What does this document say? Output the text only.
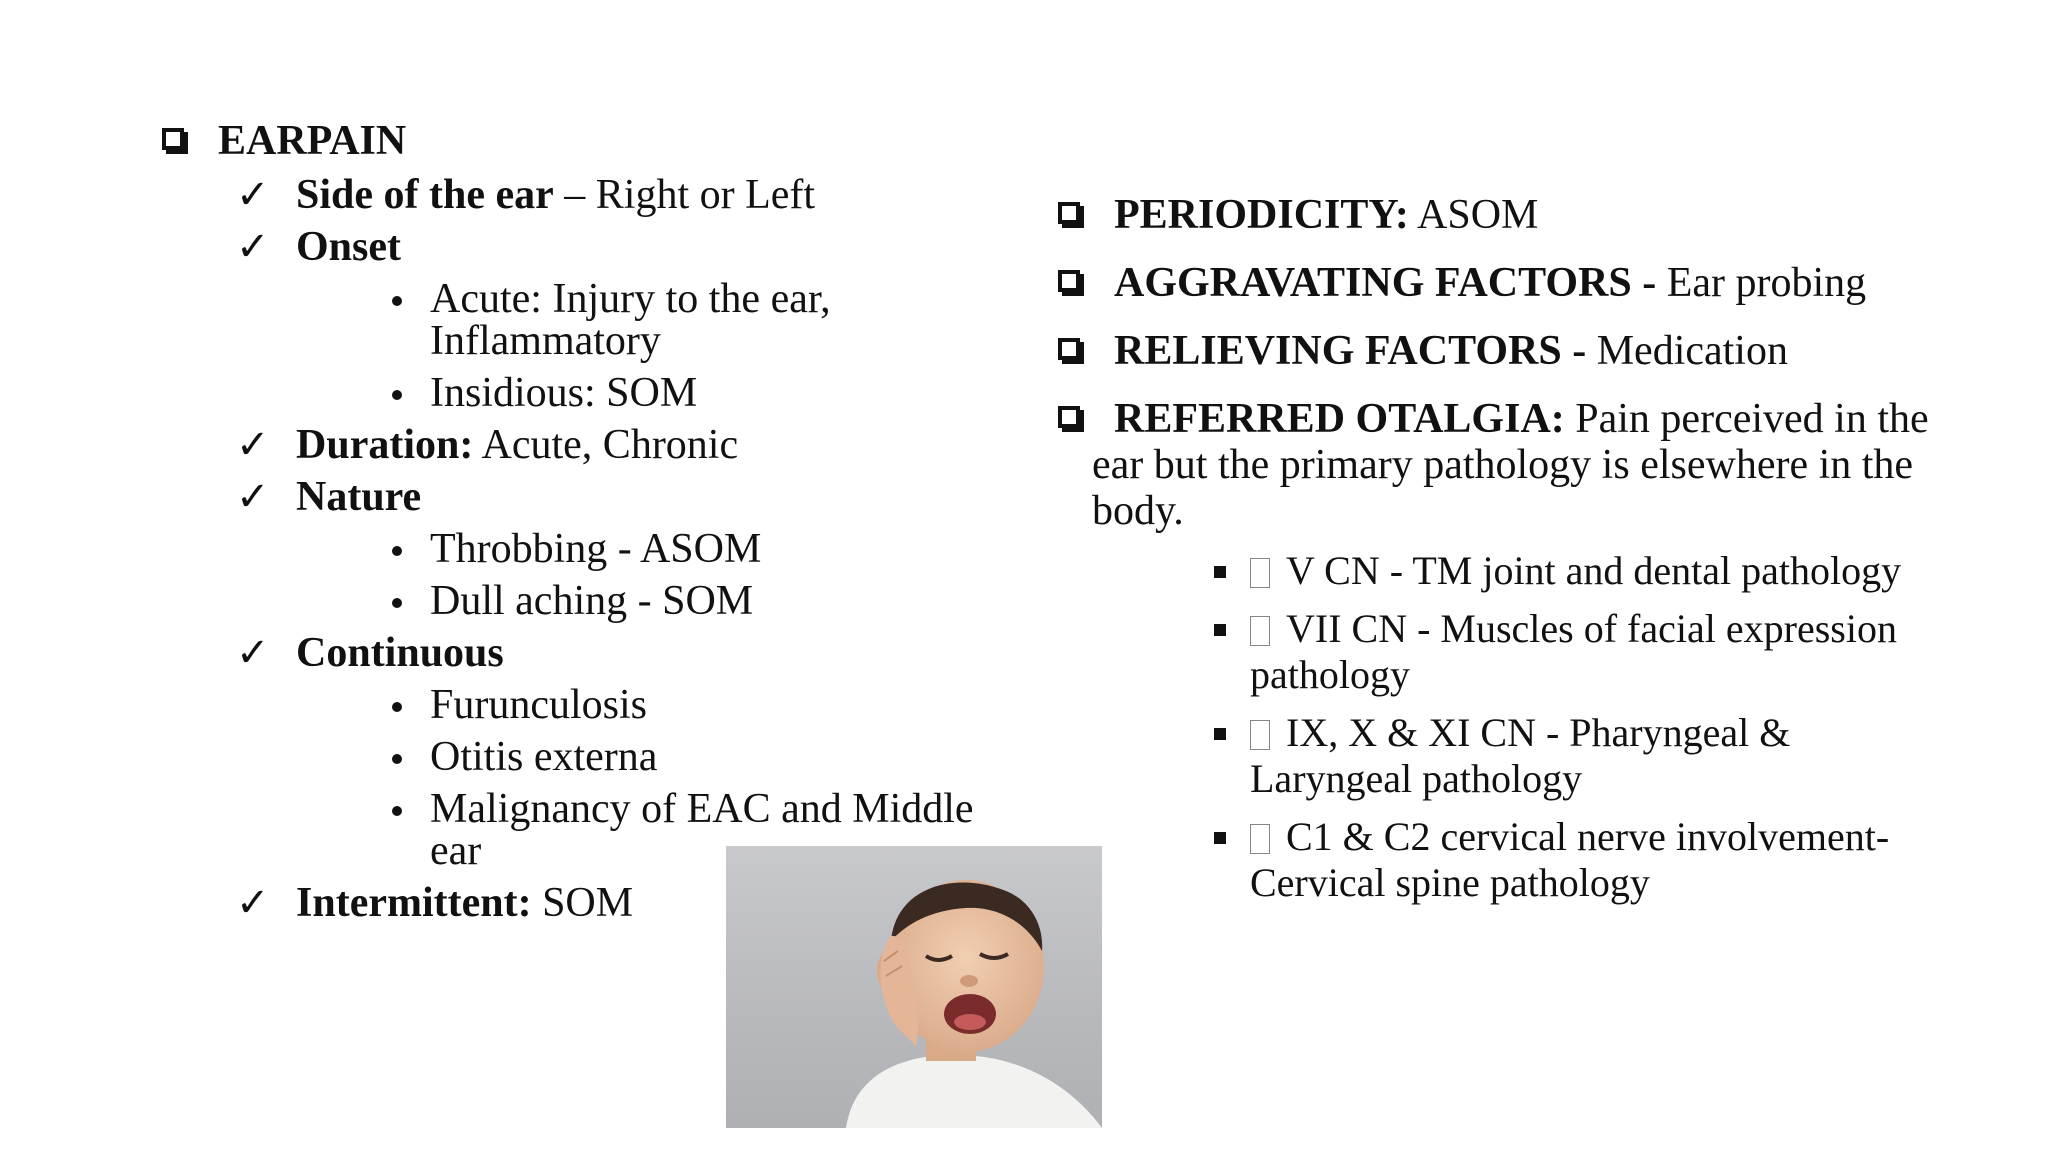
EARPAIN
✓ Side of the ear – Right or Left
✓ Onset
Acute: Injury to the ear,
Inflammatory
Insidious: SOM
✓ Duration: Acute, Chronic
✓ Nature
Throbbing - ASOM
Dull aching - SOM
✓ Continuous
Furunculosis
Otitis externa
Malignancy of EAC and Middle
ear
✓ Intermittent: SOM
PERIODICITY: ASOM
AGGRAVATING FACTORS - Ear probing
RELIEVING FACTORS - Medication
REFERRED OTALGIA: Pain perceived in the
ear but the primary pathology is elsewhere in the
body.
V CN - TM joint and dental pathology
VII CN - Muscles of facial expression
pathology
IX, X & XI CN - Pharyngeal &
Laryngeal pathology
C1 & C2 cervical nerve involvement-
Cervical spine pathology
